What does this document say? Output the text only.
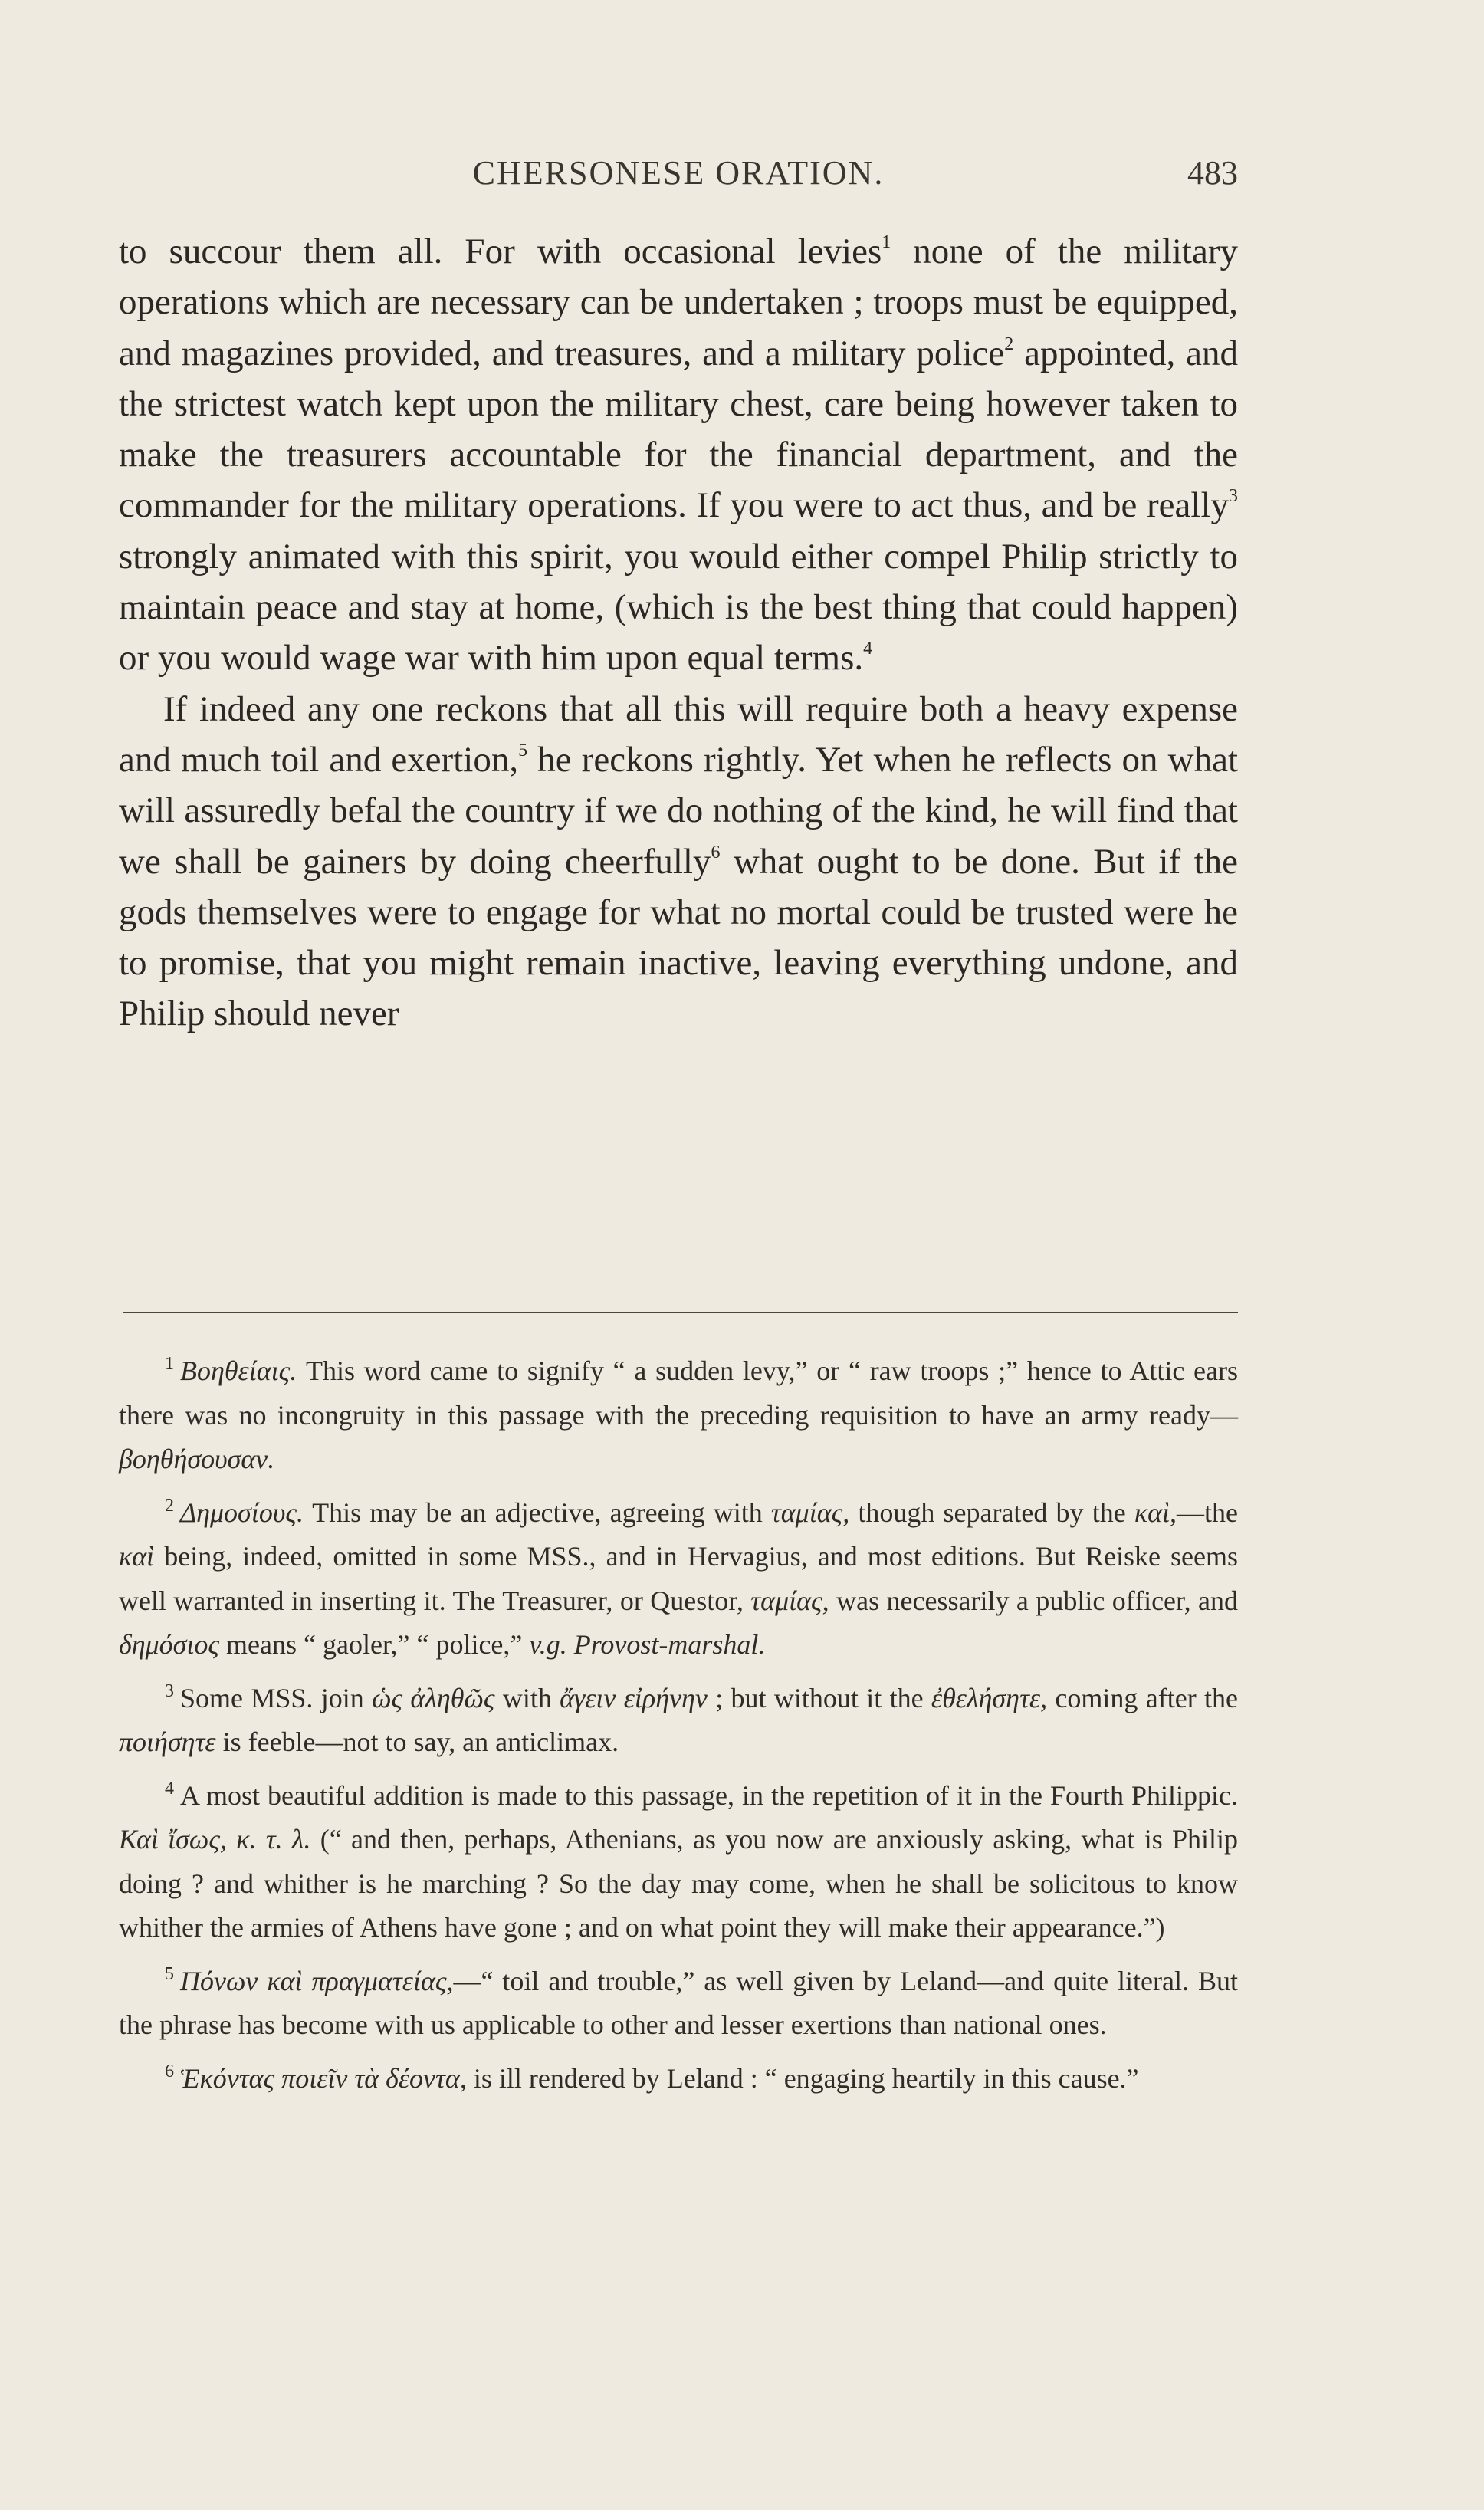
CHERSONESE ORATION.	483

to succour them all. For with occasional levies$^1$ none of the military operations which are necessary can be undertaken ; troops must be equipped, and magazines provided, and treasures, and a military police$^2$ appointed, and the strictest watch kept upon the military chest, care being however taken to make the treasurers accountable for the financial department, and the commander for the military operations. If you were to act thus, and be really$^3$ strongly animated with this spirit, you would either compel Philip strictly to maintain peace and stay at home, (which is the best thing that could happen) or you would wage war with him upon equal terms.$^4$

If indeed any one reckons that all this will require both a heavy expense and much toil and exertion,$^5$ he reckons rightly. Yet when he reflects on what will assuredly befal the country if we do nothing of the kind, he will find that we shall be gainers by doing cheerfully$^6$ what ought to be done. But if the gods themselves were to engage for what no mortal could be trusted were he to promise, that you might remain inactive, leaving everything undone, and Philip should never

$^1$ Βοηθείαις. This word came to signify “ a sudden levy,” or “ raw troops ;” hence to Attic ears there was no incongruity in this passage with the preceding requisition to have an army ready—βοηθήσουσαν.

$^2$ Δημοσίους. This may be an adjective, agreeing with ταμίας, though separated by the καὶ,—the καὶ being, indeed, omitted in some MSS., and in Hervagius, and most editions. But Reiske seems well warranted in inserting it. The Treasurer, or Questor, ταμίας, was necessarily a public officer, and δημόσιος means “ gaoler,” “ police,” v.g. Provost-marshal.

$^3$ Some MSS. join ὡς ἀληθῶς with ἄγειν εἰρήνην ; but without it the ἐθελήσητε, coming after the ποιήσητε is feeble—not to say, an anticlimax.

$^4$ A most beautiful addition is made to this passage, in the repetition of it in the Fourth Philippic. Καὶ ἴσως, κ. τ. λ. (“ and then, perhaps, Athenians, as you now are anxiously asking, what is Philip doing ? and whither is he marching ? So the day may come, when he shall be solicitous to know whither the armies of Athens have gone ; and on what point they will make their appearance.”)

$^5$ Πόνων καὶ πραγματείας,—“ toil and trouble,” as well given by Leland—and quite literal. But the phrase has become with us applicable to other and lesser exertions than national ones.

$^6$ Ἑκόντας ποιεῖν τὰ δέοντα, is ill rendered by Leland : “ engaging heartily in this cause.”
